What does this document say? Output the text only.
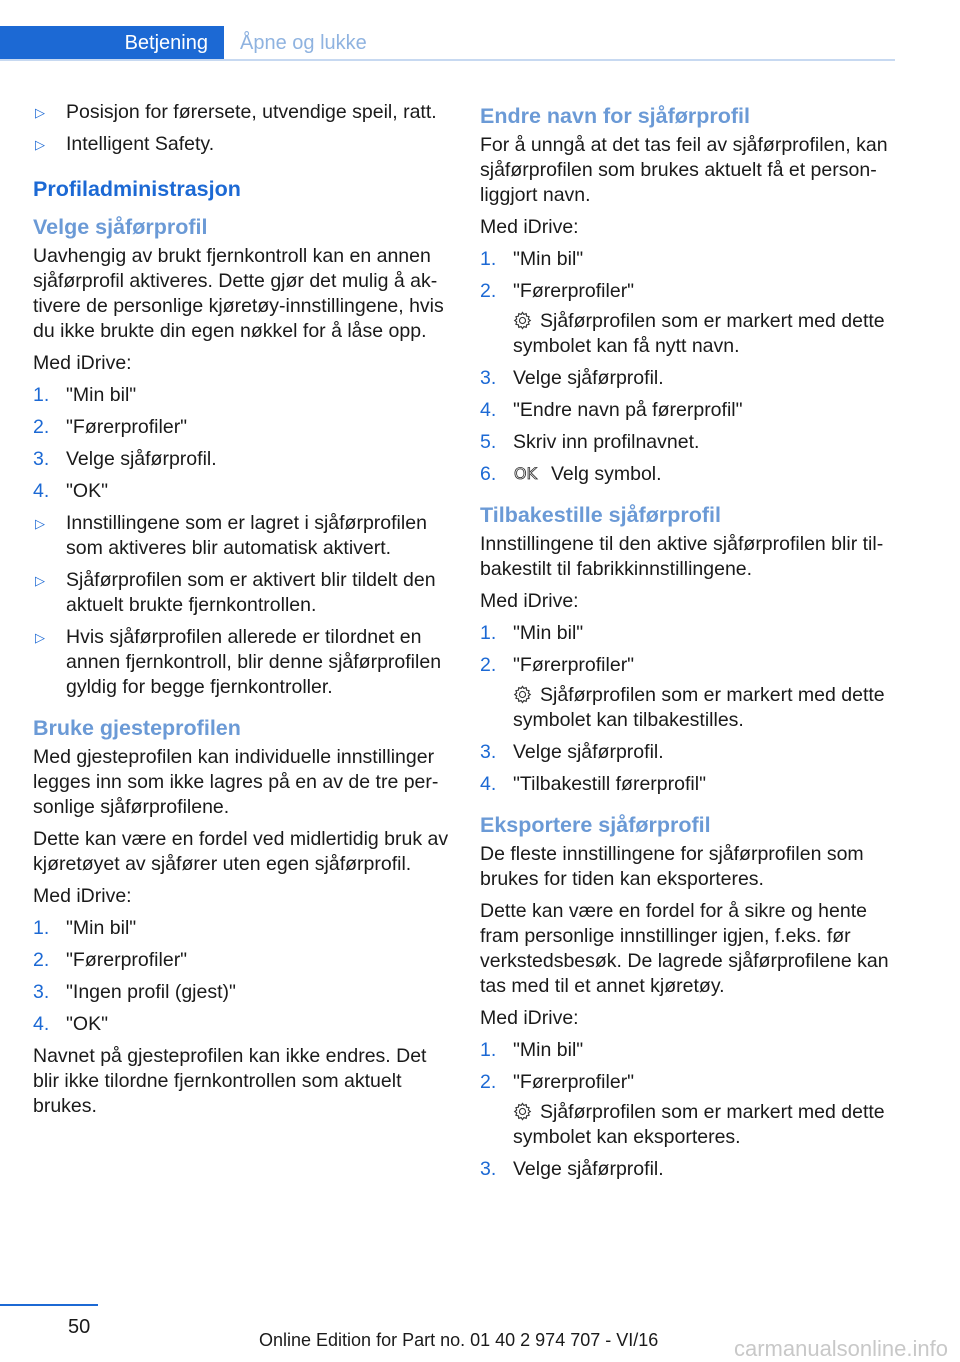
Betjening	Åpne og lukke
▷ Posisjon for førersete, utvendige speil, ratt.
▷ Intelligent Safety.
Profiladministrasjon
Velge sjåførprofil

Uavhengig av brukt fjernkontroll kan en annen sjåførprofil aktiveres. Dette gjør det mulig å aktivere de personlige kjøretøy-innstillingene, hvis du ikke brukte din egen nøkkel for å låse opp.

Med iDrive:

1. "Min bil"
2. "Førerprofiler"
3. Velge sjåførprofil.
4. "OK"
▷ Innstillingene som er lagret i sjåførprofilen som aktiveres blir automatisk aktivert.
▷ Sjåførprofilen som er aktivert blir tildelt den aktuelt brukte fjernkontrollen.
▷ Hvis sjåførprofilen allerede er tilordnet en annen fjernkontroll, blir denne sjåførprofilen gyldig for begge fjernkontroller.
Bruke gjesteprofilen

Med gjesteprofilen kan individuelle innstillinger legges inn som ikke lagres på en av de tre personlige sjåførprofilene.

Dette kan være en fordel ved midlertidig bruk av kjøretøyet av sjåfører uten egen sjåførprofil.

Med iDrive:

1. "Min bil"
2. "Førerprofiler"
3. "Ingen profil (gjest)"
4. "OK"

Navnet på gjesteprofilen kan ikke endres. Det blir ikke tilordne fjernkontrollen som aktuelt brukes.

Endre navn for sjåførprofil

For å unngå at det tas feil av sjåførprofilen, kan sjåførprofilen som brukes aktuelt få et personliggjort navn.

Med iDrive:

1. "Min bil"
2. "Førerprofiler"
Sjåførprofilen som er markert med dette symbolet kan få nytt navn.
3. Velge sjåførprofil.
4. "Endre navn på førerprofil"
5. Skriv inn profilnavnet.
6. OK Velg symbol.
Tilbakestille sjåførprofil

Innstillingene til den aktive sjåførprofilen blir tilbakestilt til fabrikkinnstillingene.

Med iDrive:

1. "Min bil"
2. "Førerprofiler"
Sjåførprofilen som er markert med dette symbolet kan tilbakestilles.
3. Velge sjåførprofil.
4. "Tilbakestill førerprofil"
Eksportere sjåførprofil

De fleste innstillingene for sjåførprofilen som brukes for tiden kan eksporteres.

Dette kan være en fordel for å sikre og hente fram personlige innstillinger igjen, f.eks. før verkstedsbesøk. De lagrede sjåførprofilene kan tas med til et annet kjøretøy.

Med iDrive:

1. "Min bil"
2. "Førerprofiler"
Sjåførprofilen som er markert med dette symbolet kan eksporteres.
3. Velge sjåførprofil.
50
Online Edition for Part no. 01 40 2 974 707 - VI/16	carmanualsonline.info
